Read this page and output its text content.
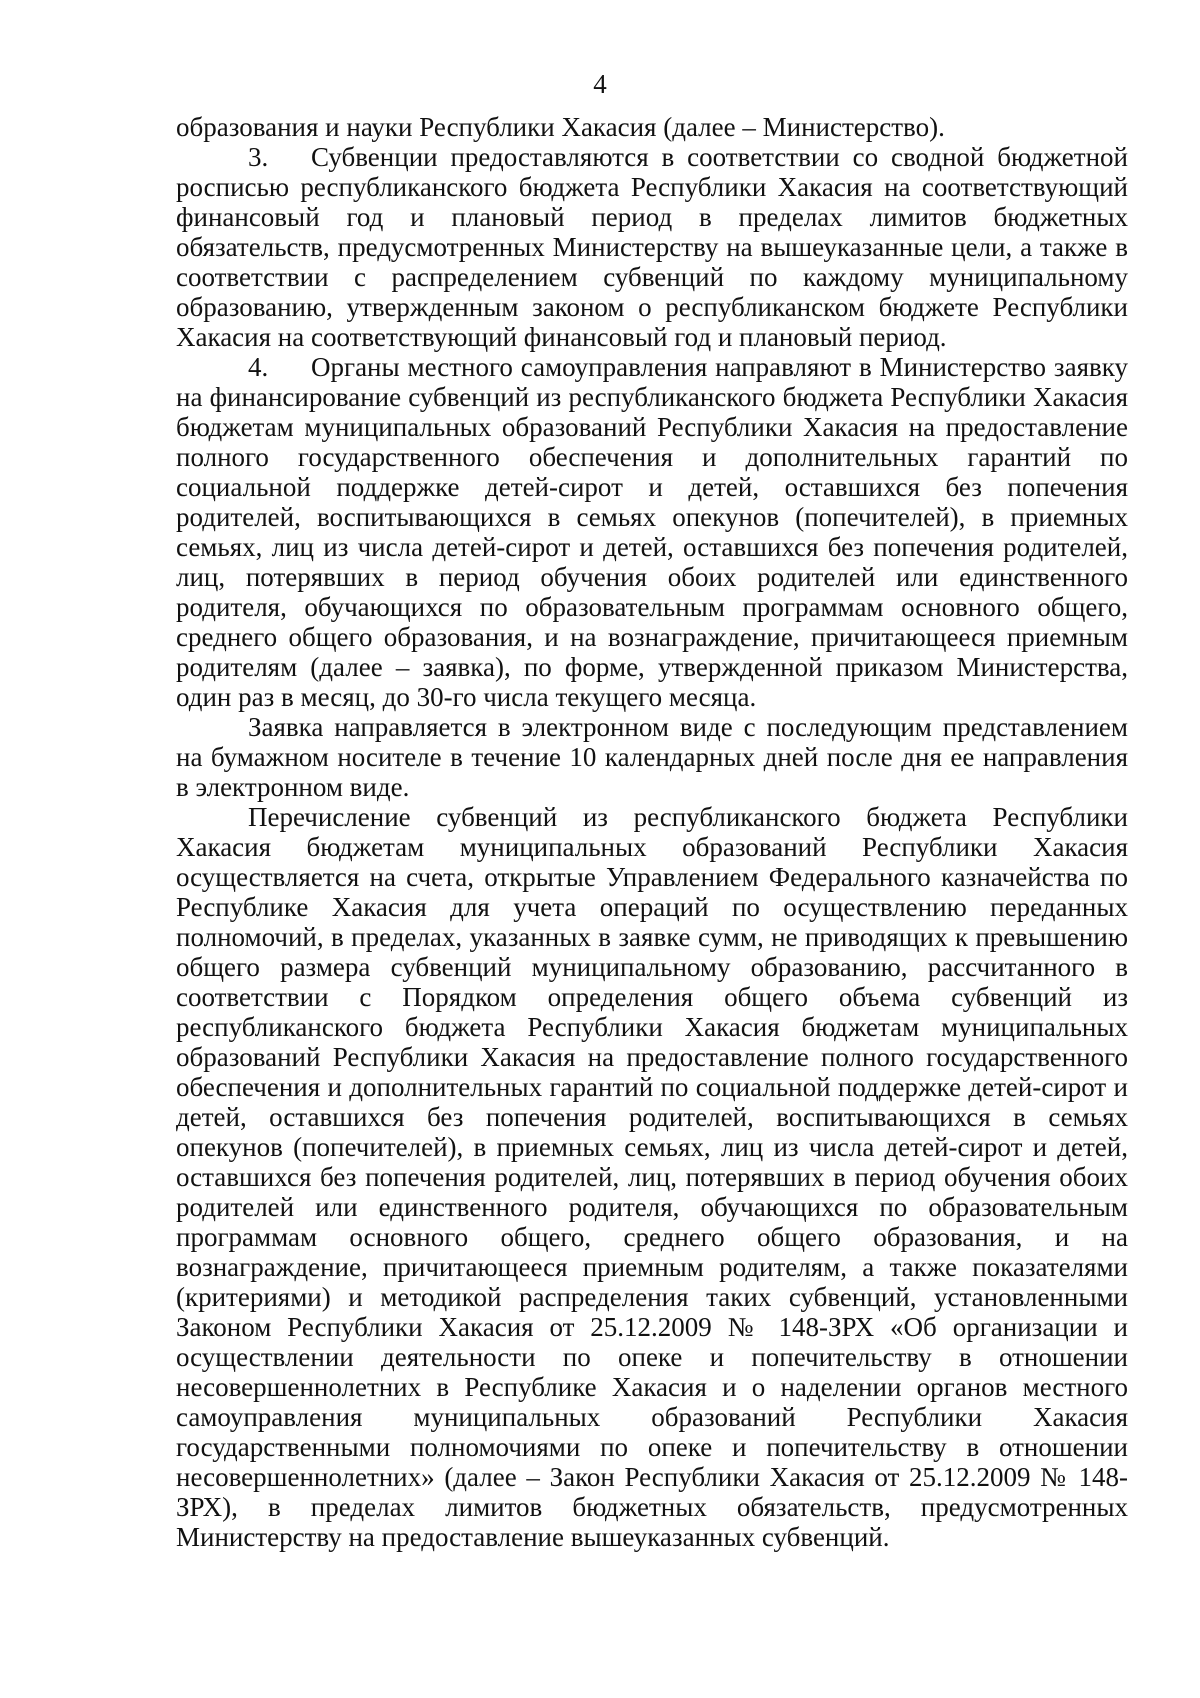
4

образования и науки Республики Хакасия (далее – Министерство).

3. Субвенции предоставляются в соответствии со сводной бюджетной росписью республиканского бюджета Республики Хакасия на соответствующий финансовый год и плановый период в пределах лимитов бюджетных обязательств, предусмотренных Министерству на вышеуказанные цели, а также в соответствии с распределением субвенций по каждому муниципальному образованию, утвержденным законом о республиканском бюджете Республики Хакасия на соответствующий финансовый год и плановый период.

4. Органы местного самоуправления направляют в Министерство заявку на финансирование субвенций из республиканского бюджета Республики Хакасия бюджетам муниципальных образований Республики Хакасия на предоставление полного государственного обеспечения и дополнительных гарантий по социальной поддержке детей-сирот и детей, оставшихся без попечения родителей, воспитывающихся в семьях опекунов (попечителей), в приемных семьях, лиц из числа детей-сирот и детей, оставшихся без попечения родителей, лиц, потерявших в период обучения обоих родителей или единственного родителя, обучающихся по образовательным программам основного общего, среднего общего образования, и на вознаграждение, причитающееся приемным родителям (далее – заявка), по форме, утвержденной приказом Министерства, один раз в месяц, до 30-го числа текущего месяца.

Заявка направляется в электронном виде с последующим представлением на бумажном носителе в течение 10 календарных дней после дня ее направления в электронном виде.

Перечисление субвенций из республиканского бюджета Республики Хакасия бюджетам муниципальных образований Республики Хакасия осуществляется на счета, открытые Управлением Федерального казначейства по Республике Хакасия для учета операций по осуществлению переданных полномочий, в пределах, указанных в заявке сумм, не приводящих к превышению общего размера субвенций муниципальному образованию, рассчитанного в соответствии с Порядком определения общего объема субвенций из республиканского бюджета Республики Хакасия бюджетам муниципальных образований Республики Хакасия на предоставление полного государственного обеспечения и дополнительных гарантий по социальной поддержке детей-сирот и детей, оставшихся без попечения родителей, воспитывающихся в семьях опекунов (попечителей), в приемных семьях, лиц из числа детей-сирот и детей, оставшихся без попечения родителей, лиц, потерявших в период обучения обоих родителей или единственного родителя, обучающихся по образовательным программам основного общего, среднего общего образования, и на вознаграждение, причитающееся приемным родителям, а также показателями (критериями) и методикой распределения таких субвенций, установленными Законом Республики Хакасия от 25.12.2009 № 148-ЗРХ «Об организации и осуществлении деятельности по опеке и попечительству в отношении несовершеннолетних в Республике Хакасия и о наделении органов местного самоуправления муниципальных образований Республики Хакасия государственными полномочиями по опеке и попечительству в отношении несовершеннолетних» (далее – Закон Республики Хакасия от 25.12.2009 № 148-ЗРХ), в пределах лимитов бюджетных обязательств, предусмотренных Министерству на предоставление вышеуказанных субвенций.
